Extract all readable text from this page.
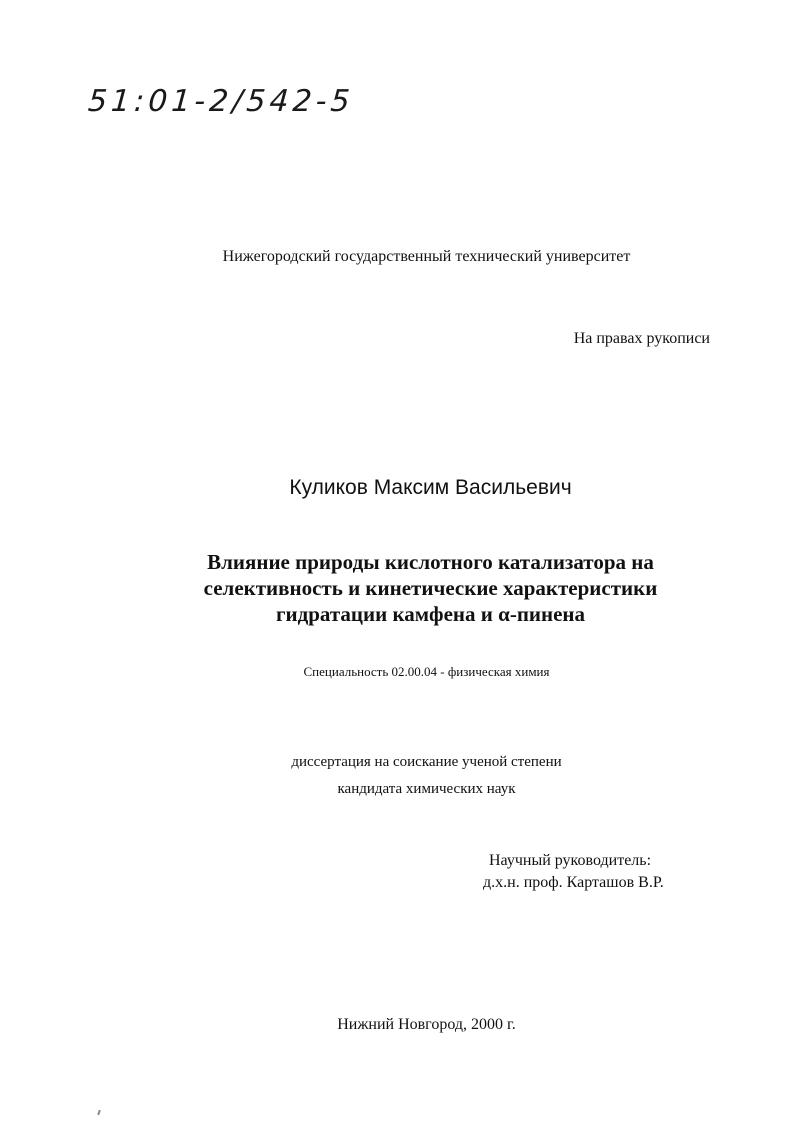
51:01-2/542-5
Нижегородский государственный технический университет
На правах рукописи
Куликов Максим Васильевич
Влияние природы кислотного катализатора на
селективность и кинетические характеристики
гидратации камфена и α-пинена
Специальность 02.00.04 - физическая химия
диссертация на соискание ученой степени
кандидата химических наук
Научный руководитель:
д.х.н. проф. Карташов В.Р.
Нижний Новгород, 2000 г.
